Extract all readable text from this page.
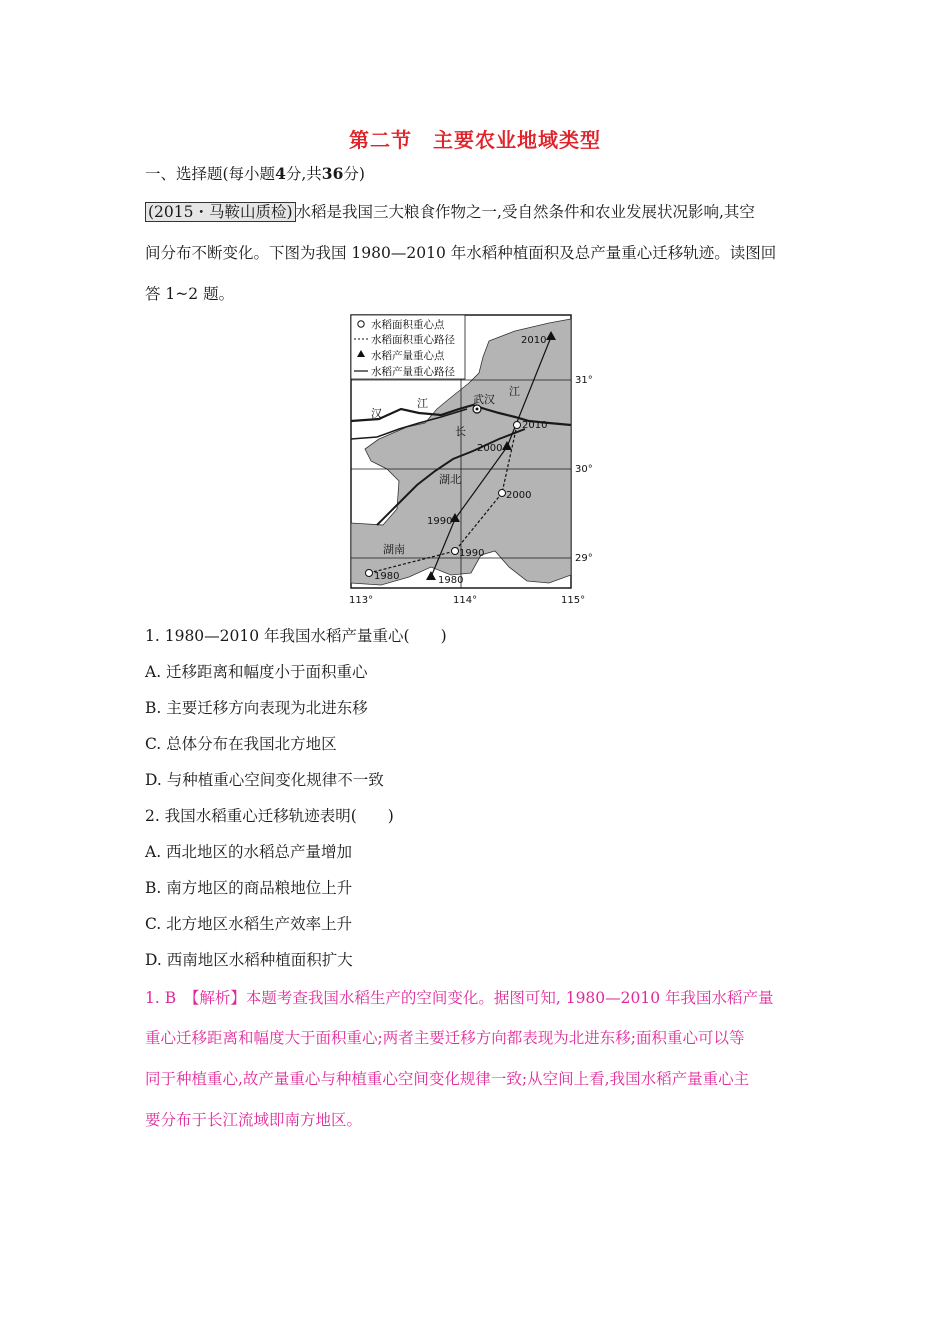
第二节　主要农业地域类型
一、选择题(每小题4分,共36分)
(2015・马鞍山质检) 水稻是我国三大粮食作物之一,受自然条件和农业发展状况影响,其空
间分布不断变化。下图为我国 1980—2010 年水稻种植面积及总产量重心迁移轨迹。读图回
答 1~2 题。
水稻面积重心点
水稻面积重心路径
水稻产量重心点
水稻产量重心路径
汉
江
江
长
武汉
湖北
湖南
1980
1990
2000
2010
1980
1990
2000
2010
31°
30°
29°
113°	114°	115°
1. 1980—2010 年我国水稻产量重心(　　)
A. 迁移距离和幅度小于面积重心
B. 主要迁移方向表现为北进东移
C. 总体分布在我国北方地区
D. 与种植重心空间变化规律不一致
2. 我国水稻重心迁移轨迹表明(　　)
A. 西北地区的水稻总产量增加
B. 南方地区的商品粮地位上升
C. 北方地区水稻生产效率上升
D. 西南地区水稻种植面积扩大
1. B　【解析】本题考查我国水稻生产的空间变化。据图可知, 1980—2010 年我国水稻产量
重心迁移距离和幅度大于面积重心;两者主要迁移方向都表现为北进东移;面积重心可以等
同于种植重心,故产量重心与种植重心空间变化规律一致;从空间上看,我国水稻产量重心主
要分布于长江流域即南方地区。
